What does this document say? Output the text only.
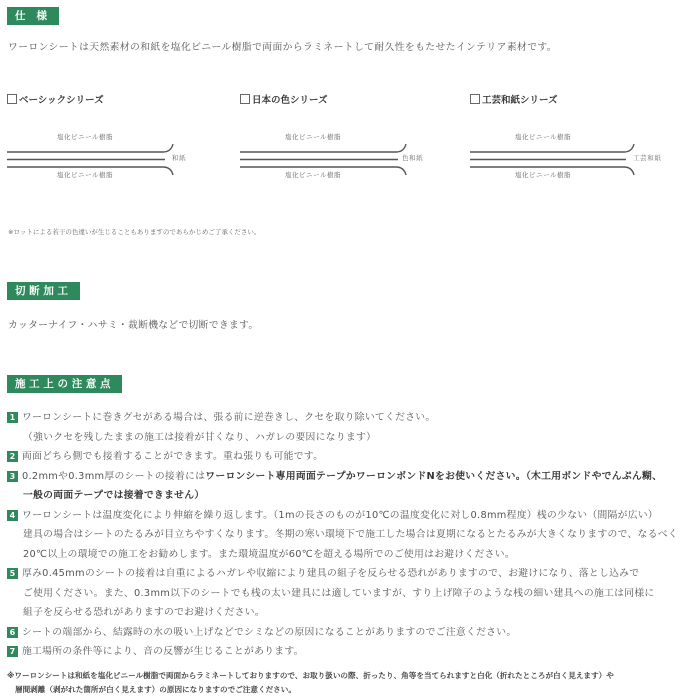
仕 様
ワーロンシートは天然素材の和紙を塩化ビニール樹脂で両面からラミネートして耐久性をもたせたインテリア素材です。
ベーシックシリーズ
塩化ビニール樹脂
和紙
塩化ビニール樹脂
日本の色シリーズ
塩化ビニール樹脂
色和紙
塩化ビニール樹脂
工芸和紙シリーズ
塩化ビニール樹脂
工芸和紙
塩化ビニール樹脂
※ロットによる若干の色違いが生じることもありますのであらかじめご了承ください。
切断加工
カッターナイフ・ハサミ・裁断機などで切断できます。
施工上の注意点
1 ワーロンシートに巻きグセがある場合は、張る前に逆巻きし、クセを取り除いてください。
（強いクセを残したままの施工は接着が甘くなり、ハガレの要因になります）
2 両面どちら側でも接着することができます。重ね張りも可能です。
3 0.2mmや0.3mm厚のシートの接着にはワーロンシート専用両面テープかワーロンボンドNをお使いください。（木工用ボンドやでんぷん糊、
一般の両面テープでは接着できません）
4 ワーロンシートは温度変化により伸縮を繰り返します。（1mの長さのものが10℃の温度変化に対し0.8mm程度）桟の少ない（間隔が広い）
建具の場合はシートのたるみが目立ちやすくなります。冬期の寒い環境下で施工した場合は夏期になるとたるみが大きくなりますので、なるべく
20℃以上の環境での施工をお勧めします。また環境温度が60℃を超える場所でのご使用はお避けください。
5 厚み0.45mmのシートの接着は自重によるハガレや収縮により建具の組子を反らせる恐れがありますので、お避けになり、落とし込みで
ご使用ください。また、0.3mm以下のシートでも桟の太い建具には適していますが、すり上げ障子のような桟の細い建具への施工は同様に
組子を反らせる恐れがありますのでお避けください。
6 シートの端部から、結露時の水の吸い上げなどでシミなどの原因になることがありますのでご注意ください。
7 施工場所の条件等により、音の反響が生じることがあります。
※ワーロンシートは和紙を塩化ビニール樹脂で両面からラミネートしておりますので、お取り扱いの際、折ったり、角等を当てられますと白化（折れたところが白く見えます）や
層間剥離（剥がれた箇所が白く見えます）の原因になりますのでご注意ください。
